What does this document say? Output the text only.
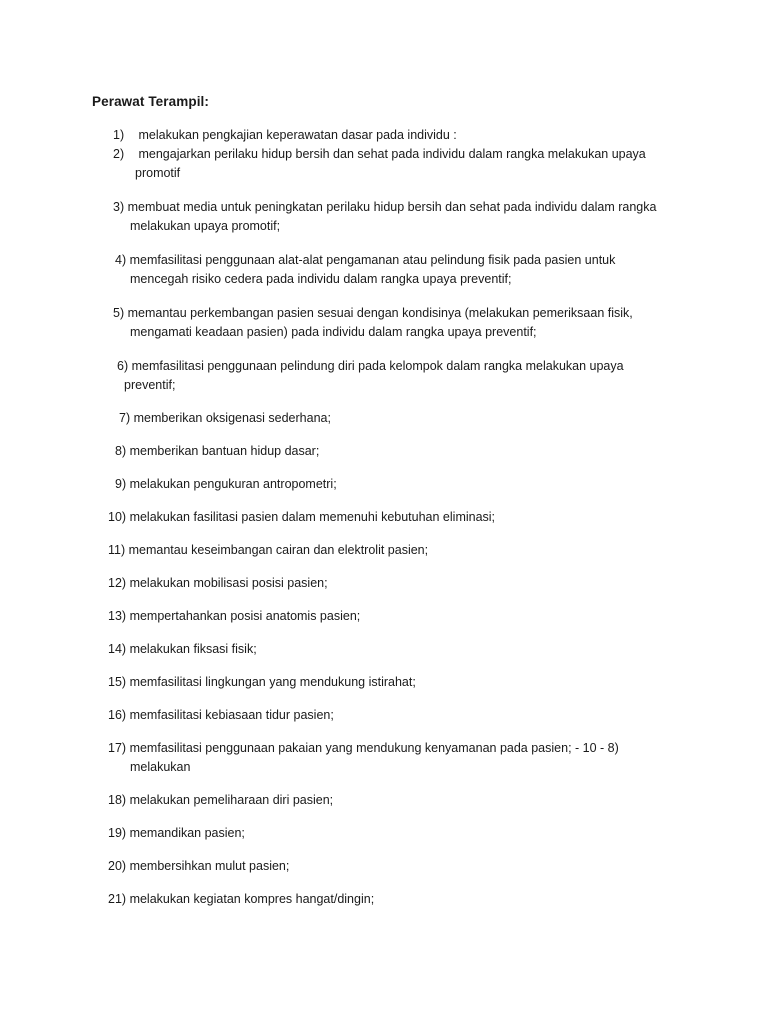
Perawat Terampil:
1) melakukan pengkajian keperawatan dasar pada individu :
2) mengajarkan perilaku hidup bersih dan sehat pada individu dalam rangka melakukan upaya
promotif
3) membuat media untuk peningkatan perilaku hidup bersih dan sehat pada individu dalam rangka
melakukan upaya promotif;
4) memfasilitasi penggunaan alat-alat pengamanan atau pelindung fisik pada pasien untuk
mencegah risiko cedera pada individu dalam rangka upaya preventif;
5) memantau perkembangan pasien sesuai dengan kondisinya (melakukan pemeriksaan fisik,
mengamati keadaan pasien) pada individu dalam rangka upaya preventif;
6) memfasilitasi penggunaan pelindung diri pada kelompok dalam rangka melakukan upaya
preventif;
7) memberikan oksigenasi sederhana;
8) memberikan bantuan hidup dasar;
9) melakukan pengukuran antropometri;
10) melakukan fasilitasi pasien dalam memenuhi kebutuhan eliminasi;
11) memantau keseimbangan cairan dan elektrolit pasien;
12) melakukan mobilisasi posisi pasien;
13) mempertahankan posisi anatomis pasien;
14) melakukan fiksasi fisik;
15) memfasilitasi lingkungan yang mendukung istirahat;
16) memfasilitasi kebiasaan tidur pasien;
17) memfasilitasi penggunaan pakaian yang mendukung kenyamanan pada pasien; - 10 - 8)
melakukan
18) melakukan pemeliharaan diri pasien;
19) memandikan pasien;
20) membersihkan mulut pasien;
21) melakukan kegiatan kompres hangat/dingin;
